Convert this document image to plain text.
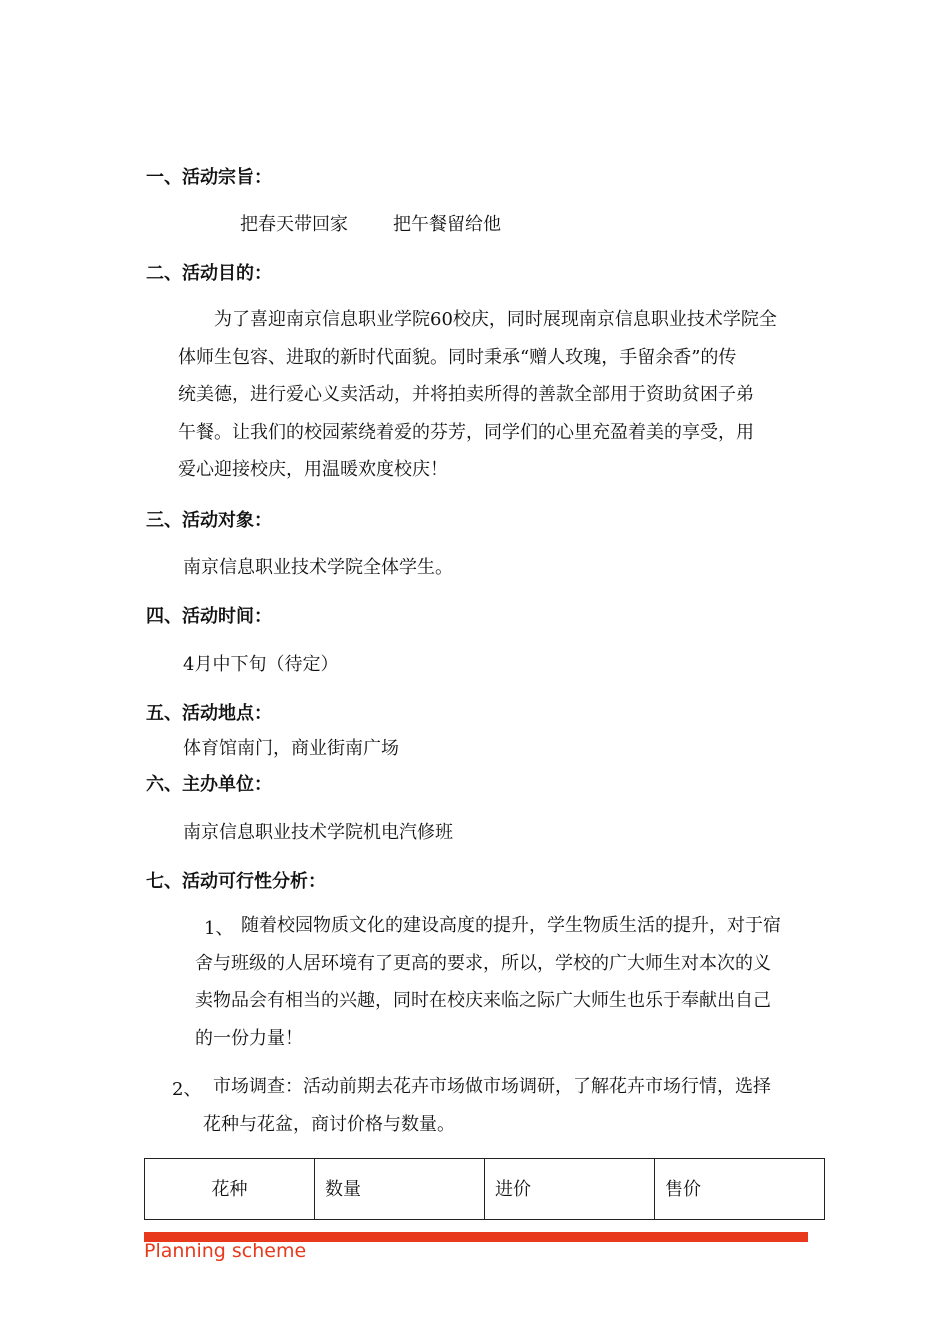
一、活动宗旨：

把春天带回家	把午餐留给他

二、活动目的：

为了喜迎南京信息职业学院60校庆，同时展现南京信息职业技术学院全
体师生包容、进取的新时代面貌。同时秉承“赠人玫瑰，手留余香”的传
统美德，进行爱心义卖活动，并将拍卖所得的善款全部用于资助贫困子弟
午餐。让我们的校园萦绕着爱的芬芳，同学们的心里充盈着美的享受，用
爱心迎接校庆，用温暖欢度校庆！

三、活动对象：

南京信息职业技术学院全体学生。

四、活动时间：

4月中下旬（待定）

五、活动地点：

体育馆南门，商业街南广场

六、主办单位：

南京信息职业技术学院机电汽修班

七、活动可行性分析：

1、 随着校园物质文化的建设高度的提升，学生物质生活的提升，对于宿
舍与班级的人居环境有了更高的要求，所以，学校的广大师生对本次的义
卖物品会有相当的兴趣，同时在校庆来临之际广大师生也乐于奉献出自己
的一份力量！

2、 市场调查：活动前期去花卉市场做市场调研，了解花卉市场行情，选择
花种与花盆，商讨价格与数量。
花种	数量	进价	售价
Planning scheme
